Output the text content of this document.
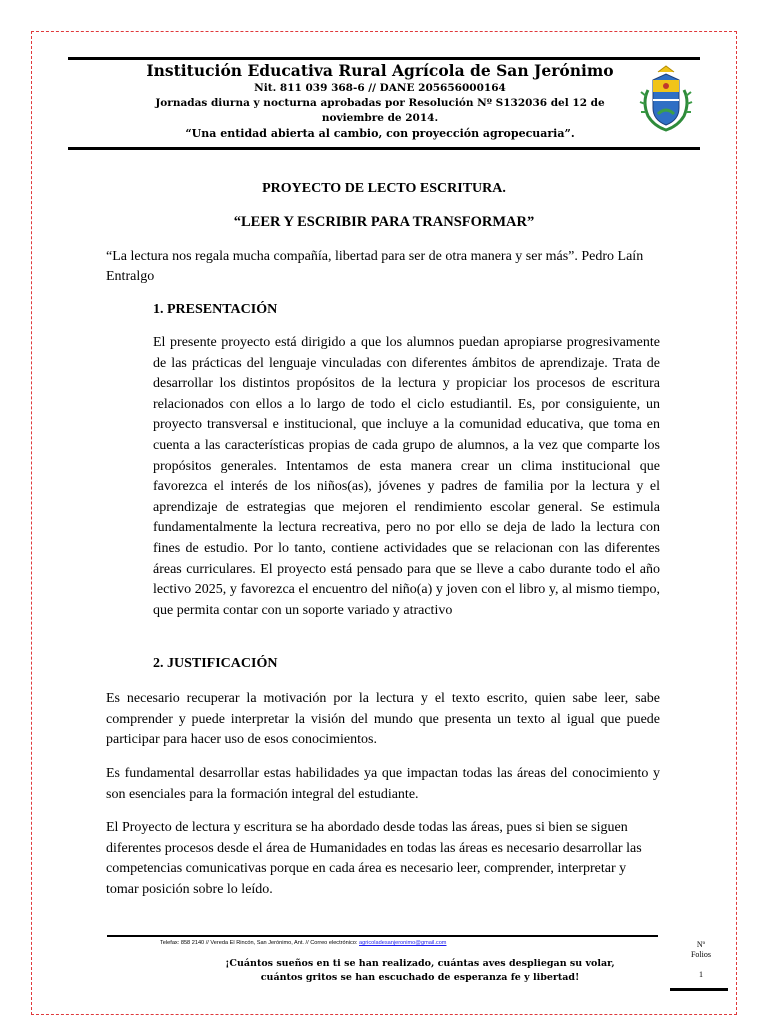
Institución Educativa Rural Agrícola de San Jerónimo
Nit. 811 039 368-6 // DANE 205656000164
Jornadas diurna y nocturna aprobadas por Resolución Nº S132036 del 12 de
noviembre de 2014.
“Una entidad abierta al cambio, con proyección agropecuaria”.
PROYECTO DE LECTO ESCRITURA.
“LEER Y ESCRIBIR PARA TRANSFORMAR”
“La lectura nos regala mucha compañía, libertad para ser de otra manera y ser más”. Pedro Laín Entralgo
1. PRESENTACIÓN
El presente proyecto está dirigido a que los alumnos puedan apropiarse progresivamente de las prácticas del lenguaje vinculadas con diferentes ámbitos de aprendizaje. Trata de desarrollar los distintos propósitos de la lectura y propiciar los procesos de escritura relacionados con ellos a lo largo de todo el ciclo estudiantil. Es, por consiguiente, un proyecto transversal e institucional, que incluye a la comunidad educativa, que toma en cuenta a las características propias de cada grupo de alumnos, a la vez que comparte los propósitos generales. Intentamos de esta manera crear un clima institucional que favorezca el interés de los niños(as), jóvenes y padres de familia por la lectura y el aprendizaje de estrategias que mejoren el rendimiento escolar general. Se estimula fundamentalmente la lectura recreativa, pero no por ello se deja de lado la lectura con fines de estudio. Por lo tanto, contiene actividades que se relacionan con las diferentes áreas curriculares. El proyecto está pensado para que se lleve a cabo durante todo el año lectivo 2025, y favorezca el encuentro del niño(a) y joven con el libro y, al mismo tiempo, que permita contar con un soporte variado y atractivo
2. JUSTIFICACIÓN
Es necesario recuperar la motivación por la lectura y el texto escrito, quien sabe leer, sabe comprender y puede interpretar la visión del mundo que presenta un texto al igual que puede participar para hacer uso de esos conocimientos.
Es fundamental desarrollar estas habilidades ya que impactan todas las áreas del conocimiento y son esenciales para la formación integral del estudiante.
El Proyecto de lectura y escritura se ha abordado desde todas las áreas, pues si bien se siguen diferentes procesos desde el área de Humanidades en todas las áreas es necesario desarrollar las competencias comunicativas porque en cada área es necesario leer, comprender, interpretar y tomar posición sobre lo leído.
Telefax: 858 2140 // Vereda El Rincón, San Jerónimo, Ant. // Correo electrónico: agricoladesanjeronimo@gmail.com
¡Cuántos sueños en ti se han realizado, cuántas aves despliegan su volar,
cuántos gritos se han escuchado de esperanza fe y libertad!
Nº
Folios
1
